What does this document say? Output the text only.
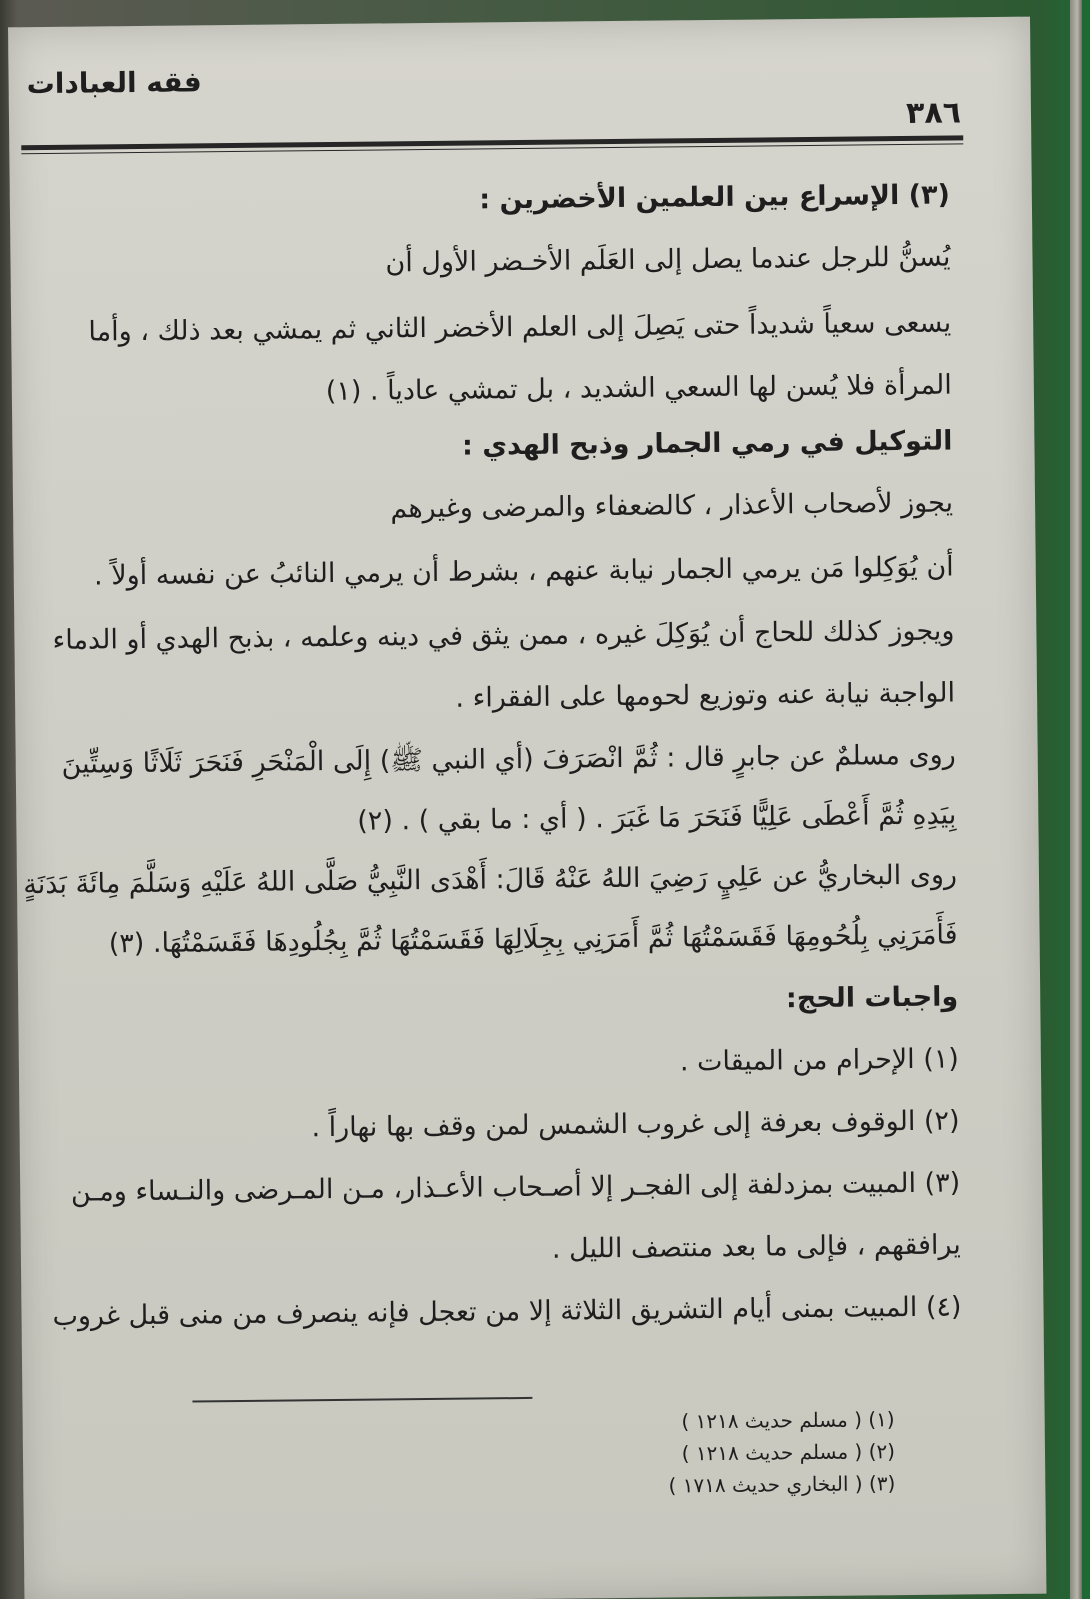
فقه العبادات
٣٨٦

(٣) الإسراع بين العلمين الأخضرين :

يُسنُّ للرجل عندما يصل إلى العَلَم الأخـضر الأول أن

يسعى سعياً شديداً حتى يَصِلَ إلى العلم الأخضر الثاني ثم يمشي بعد ذلك ، وأما

المرأة فلا يُسن لها السعي الشديد ، بل تمشي عادياً . (١)

التوكيل في رمي الجمار وذبح الهدي :

يجوز لأصحاب الأعذار ، كالضعفاء والمرضى وغيرهم

أن يُوَكِلوا مَن يرمي الجمار نيابة عنهم ، بشرط أن يرمي النائبُ عن نفسه أولاً .

ويجوز كذلك للحاج أن يُوَكِلَ غيره ، ممن يثق في دينه وعلمه ، بذبح الهدي أو الدماء

الواجبة نيابة عنه وتوزيع لحومها على الفقراء .

روى مسلمٌ عن جابرٍ قال : ثُمَّ انْصَرَفَ (أي النبي ﷺ) إِلَى الْمَنْحَرِ فَنَحَرَ ثَلَاثًا وَسِتِّينَ

بِيَدِهِ ثُمَّ أَعْطَى عَلِيًّا فَنَحَرَ مَا غَبَرَ . ( أي : ما بقي ) . (٢)

روى البخاريُّ عن عَلِيٍ رَضِيَ اللهُ عَنْهُ قَالَ: أَهْدَى النَّبِيُّ صَلَّى اللهُ عَلَيْهِ وَسَلَّمَ مِائَةَ بَدَنَةٍ

فَأَمَرَنِي بِلُحُومِهَا فَقَسَمْتُهَا ثُمَّ أَمَرَنِي بِجِلَالِهَا فَقَسَمْتُهَا ثُمَّ بِجُلُودِهَا فَقَسَمْتُهَا. (٣)

واجبات الحج:

(١) الإحرام من الميقات .

(٢) الوقوف بعرفة إلى غروب الشمس لمن وقف بها نهاراً .

(٣) المبيت بمزدلفة إلى الفجـر إلا أصـحاب الأعـذار، مـن المـرضى والنـساء ومـن

يرافقهم ، فإلى ما بعد منتصف الليل .

(٤) المبيت بمنى أيام التشريق الثلاثة إلا من تعجل فإنه ينصرف من منى قبل غروب

(١) ( مسلم حديث ١٢١٨ )

(٢) ( مسلم حديث ١٢١٨ )

(٣) ( البخاري حديث ١٧١٨ )
